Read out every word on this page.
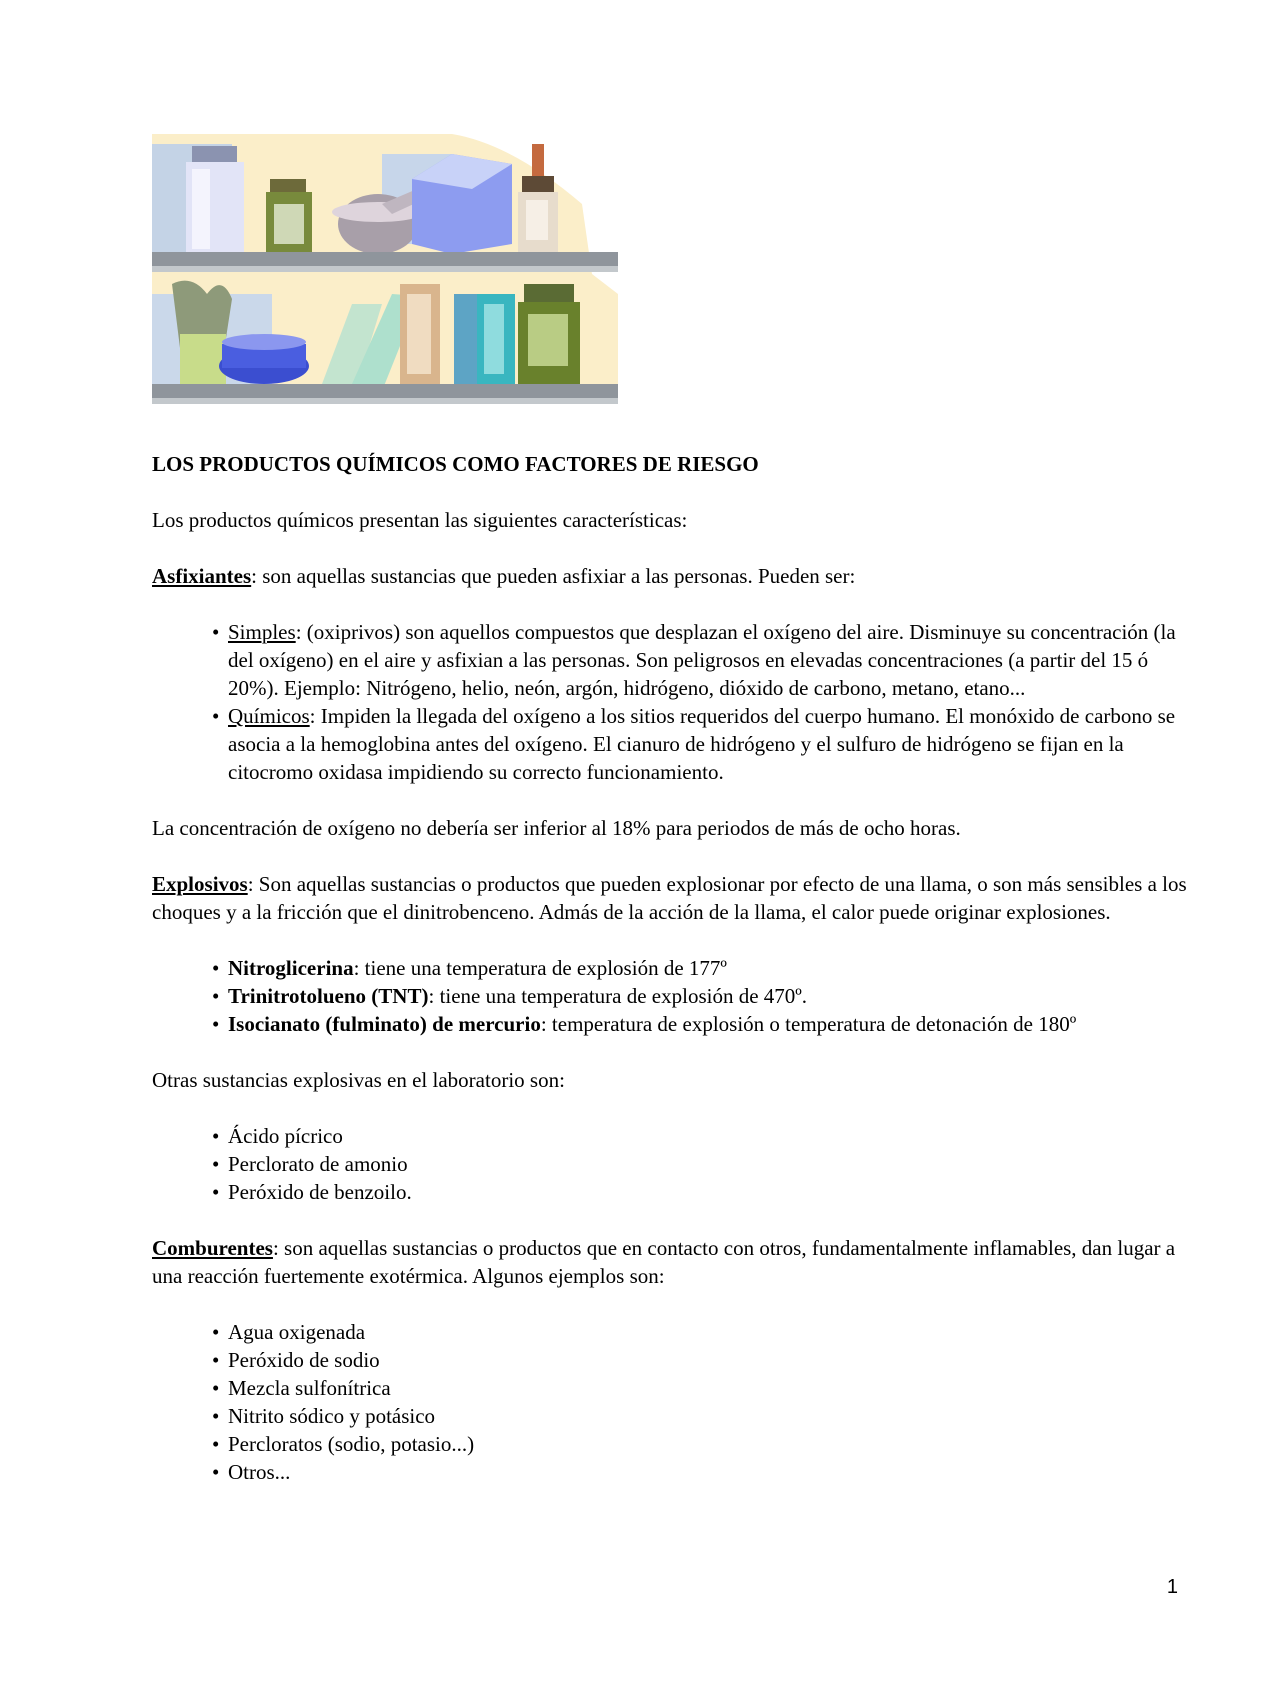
LOS PRODUCTOS QUÍMICOS COMO FACTORES DE RIESGO

Los productos químicos presentan las siguientes características:

Asfixiantes: son aquellas sustancias que pueden asfixiar a las personas. Pueden ser:

• Simples: (oxiprivos) son aquellos compuestos que desplazan el oxígeno del aire. Disminuye su concentración (la del oxígeno) en el aire y asfixian a las personas. Son peligrosos en elevadas concentraciones (a partir del 15 ó 20%). Ejemplo: Nitrógeno, helio, neón, argón, hidrógeno, dióxido de carbono, metano, etano...
• Químicos: Impiden la llegada del oxígeno a los sitios requeridos del cuerpo humano. El monóxido de carbono se asocia a la hemoglobina antes del oxígeno. El cianuro de hidrógeno y el sulfuro de hidrógeno se fijan en la citocromo oxidasa impidiendo su correcto funcionamiento.

La concentración de oxígeno no debería ser inferior al 18% para periodos de más de ocho horas.

Explosivos: Son aquellas sustancias o productos que pueden explosionar por efecto de una llama, o son más sensibles a los choques y a la fricción que el dinitrobenceno. Admás de la acción de la llama, el calor puede originar explosiones.

• Nitroglicerina: tiene una temperatura de explosión de 177º
• Trinitrotolueno (TNT): tiene una temperatura de explosión de 470º.
• Isocianato (fulminato) de mercurio: temperatura de explosión o temperatura de detonación de 180º

Otras sustancias explosivas en el laboratorio son:

• Ácido pícrico
• Perclorato de amonio
• Peróxido de benzoilo.

Comburentes: son aquellas sustancias o productos que en contacto con otros, fundamentalmente inflamables, dan lugar a una reacción fuertemente exotérmica. Algunos ejemplos son:

• Agua oxigenada
• Peróxido de sodio
• Mezcla sulfonítrica
• Nitrito sódico y potásico
• Percloratos (sodio, potasio...)
• Otros...
1
